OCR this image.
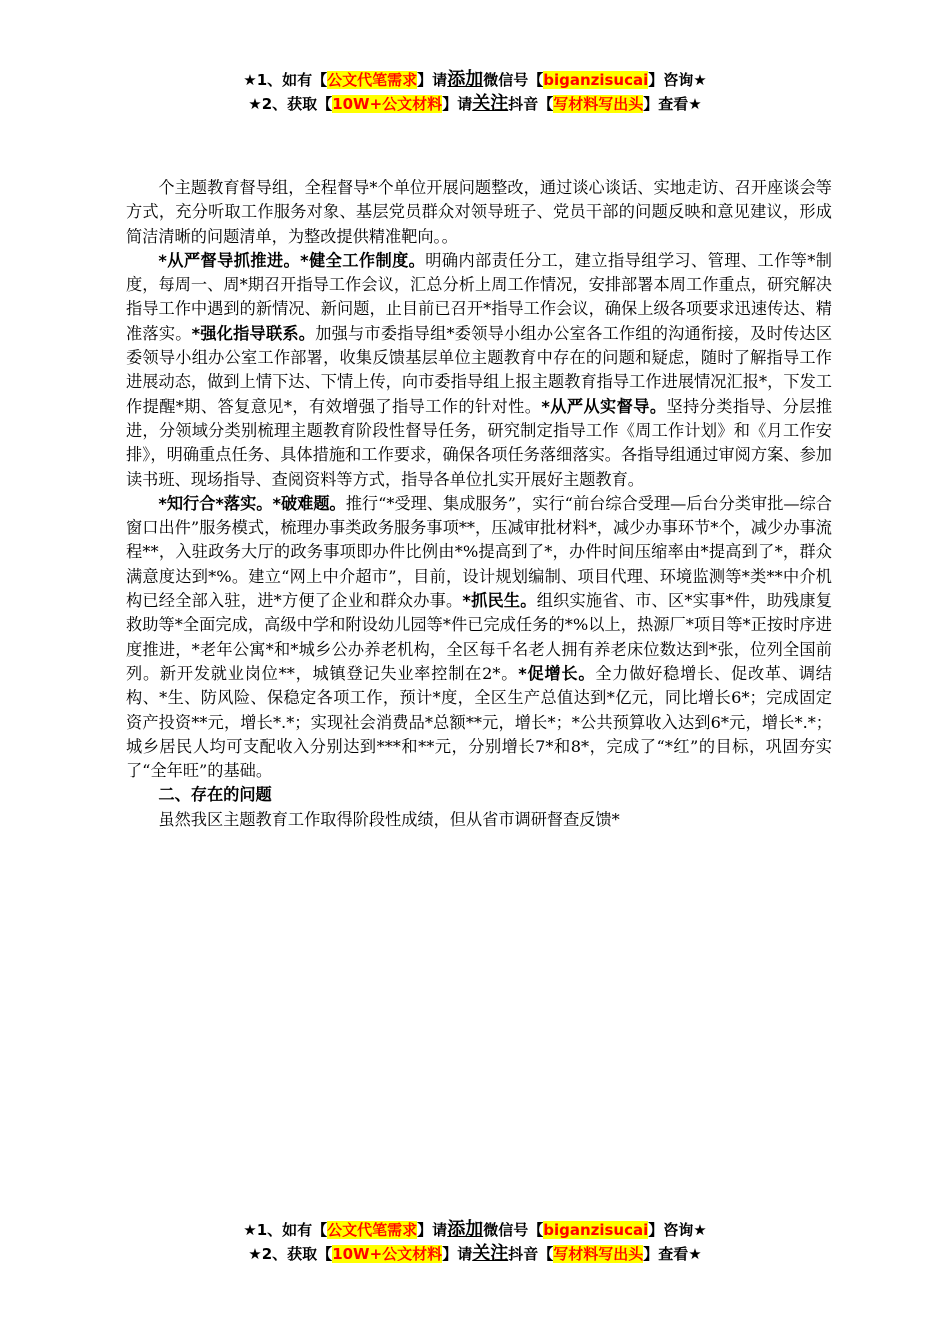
★1、如有【公文代笔需求】请添加微信号【biganzisucai】咨询★
★2、获取【10W+公文材料】请关注抖音【写材料写出头】查看★

个主题教育督导组，全程督导*个单位开展问题整改，通过谈心谈话、实地走访、召开座谈会等方式，充分听取工作服务对象、基层党员群众对领导班子、党员干部的问题反映和意见建议，形成简洁清晰的问题清单，为整改提供精准靶向。。

*从严督导抓推进。*健全工作制度。明确内部责任分工，建立指导组学习、管理、工作等*制度，每周一、周*期召开指导工作会议，汇总分析上周工作情况，安排部署本周工作重点，研究解决指导工作中遇到的新情况、新问题，止目前已召开*指导工作会议，确保上级各项要求迅速传达、精准落实。*强化指导联系。加强与市委指导组*委领导小组办公室各工作组的沟通衔接，及时传达区委领导小组办公室工作部署，收集反馈基层单位主题教育中存在的问题和疑虑，随时了解指导工作进展动态，做到上情下达、下情上传，向市委指导组上报主题教育指导工作进展情况汇报*，下发工作提醒*期、答复意见*，有效增强了指导工作的针对性。*从严从实督导。坚持分类指导、分层推进，分领域分类别梳理主题教育阶段性督导任务，研究制定指导工作《周工作计划》和《月工作安排》，明确重点任务、具体措施和工作要求，确保各项任务落细落实。各指导组通过审阅方案、参加读书班、现场指导、查阅资料等方式，指导各单位扎实开展好主题教育。

*知行合*落实。*破难题。推行“*受理、集成服务”，实行“前台综合受理—后台分类审批—综合窗口出件”服务模式，梳理办事类政务服务事项**，压减审批材料*，减少办事环节*个，减少办事流程**，入驻政务大厅的政务事项即办件比例由*%提高到了*，办件时间压缩率由*提高到了*，群众满意度达到*%。建立“网上中介超市”，目前，设计规划编制、项目代理、环境监测等*类**中介机构已经全部入驻，进*方便了企业和群众办事。*抓民生。组织实施省、市、区*实事*件，助残康复救助等*全面完成，高级中学和附设幼儿园等*件已完成任务的*%以上，热源厂*项目等*正按时序进度推进，*老年公寓*和*城乡公办养老机构，全区每千名老人拥有养老床位数达到*张，位列全国前列。新开发就业岗位**，城镇登记失业率控制在2*。*促增长。全力做好稳增长、促改革、调结构、*生、防风险、保稳定各项工作，预计*度，全区生产总值达到*亿元，同比增长6*；完成固定资产投资**元，增长*.*；实现社会消费品*总额**元，增长*；*公共预算收入达到6*元，增长*.*；城乡居民人均可支配收入分别达到***和**元，分别增长7*和8*，完成了“*红”的目标，巩固夯实了“全年旺”的基础。

二、存在的问题

虽然我区主题教育工作取得阶段性成绩，但从省市调研督查反馈*

★1、如有【公文代笔需求】请添加微信号【biganzisucai】咨询★
★2、获取【10W+公文材料】请关注抖音【写材料写出头】查看★
